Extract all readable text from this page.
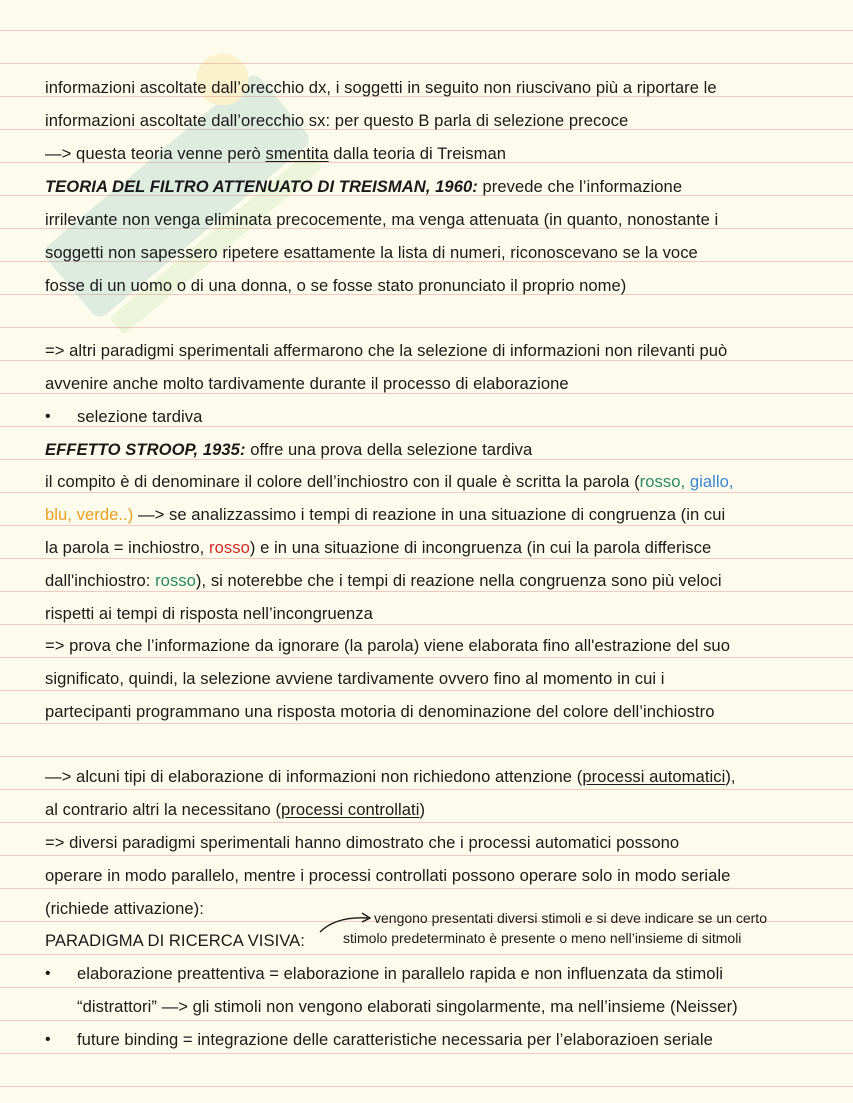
informazioni ascoltate dall’orecchio dx, i soggetti in seguito non riuscivano più a riportare le
informazioni ascoltate dall’orecchio sx: per questo B parla di selezione precoce
—> questa teoria venne però smentita dalla teoria di Treisman
TEORIA DEL FILTRO ATTENUATO DI TREISMAN, 1960: prevede che l’informazione
irrilevante non venga eliminata precocemente, ma venga attenuata (in quanto, nonostante i
soggetti non sapessero ripetere esattamente la lista di numeri, riconoscevano se la voce
fosse di un uomo o di una donna, o se fosse stato pronunciato il proprio nome)
=> altri paradigmi sperimentali affermarono che la selezione di informazioni non rilevanti può
avvenire anche molto tardivamente durante il processo di elaborazione
• selezione tardiva
EFFETTO STROOP, 1935: offre una prova della selezione tardiva
il compito è di denominare il colore dell’inchiostro con il quale è scritta la parola (rosso, giallo,
blu, verde..) —> se analizzassimo i tempi di reazione in una situazione di congruenza (in cui
la parola = inchiostro, rosso) e in una situazione di incongruenza (in cui la parola differisce
dall'inchiostro: rosso), si noterebbe che i tempi di reazione nella congruenza sono più veloci
rispetti ai tempi di risposta nell’incongruenza
=> prova che l’informazione da ignorare (la parola) viene elaborata fino all'estrazione del suo
significato, quindi, la selezione avviene tardivamente ovvero fino al momento in cui i
partecipanti programmano una risposta motoria di denominazione del colore dell’inchiostro
—> alcuni tipi di elaborazione di informazioni non richiedono attenzione (processi automatici),
al contrario altri la necessitano (processi controllati)
=> diversi paradigmi sperimentali hanno dimostrato che i processi automatici possono
operare in modo parallelo, mentre i processi controllati possono operare solo in modo seriale
(richiede attivazione):
PARADIGMA DI RICERCA VISIVA:
vengono presentati diversi stimoli e si deve indicare se un certo
stimolo predeterminato è presente o meno nell’insieme di sitmoli
• elaborazione preattentiva = elaborazione in parallelo rapida e non influenzata da stimoli
“distrattori” —> gli stimoli non vengono elaborati singolarmente, ma nell’insieme (Neisser)
• future binding = integrazione delle caratteristiche necessaria per l’elaborazioen seriale
